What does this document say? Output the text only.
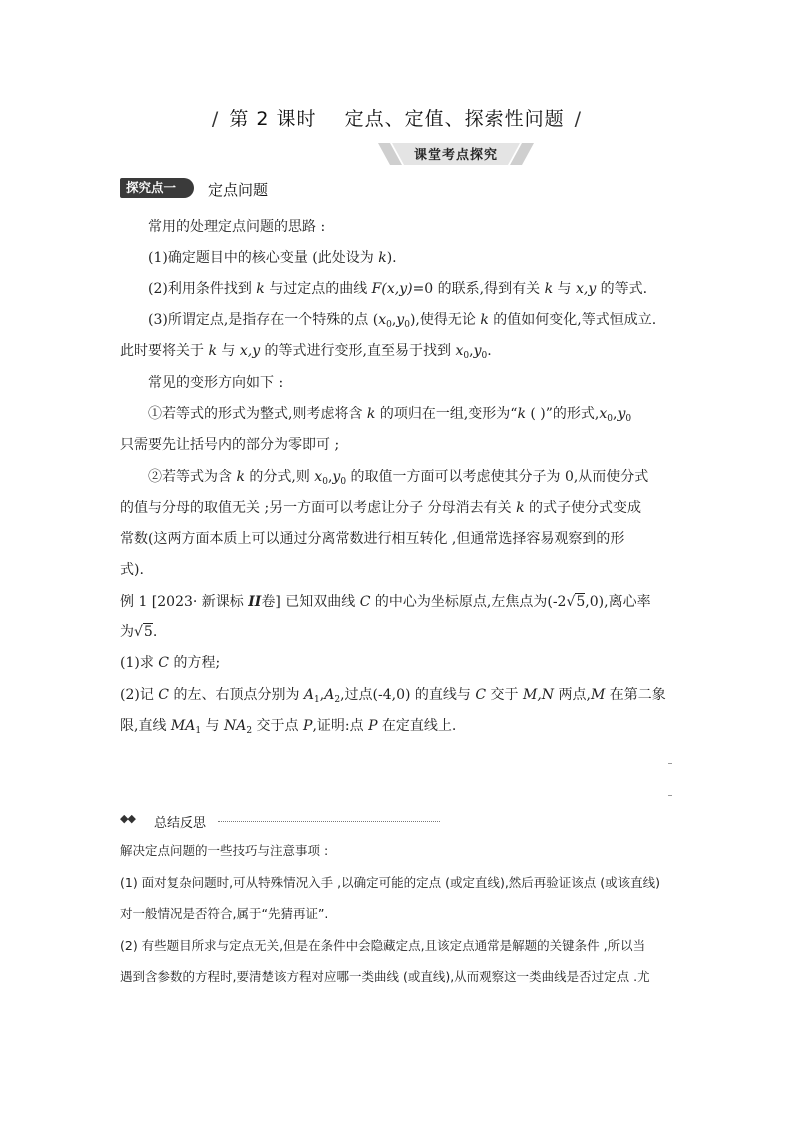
/ 第 2 课时 定点、定值、探索性问题 /
课堂考点探究
探究点一	定点问题
常用的处理定点问题的思路 :
(1)确定题目中的核心变量 (此处设为 k).
(2)利用条件找到 k 与过定点的曲线 F(x,y)=0 的联系,得到有关 k 与 x,y 的等式.
(3)所谓定点,是指存在一个特殊的点 $(x_0,y_0)$,使得无论 k 的值如何变化,等式恒成立.
此时要将关于 k 与 x,y 的等式进行变形,直至易于找到 $x_0,y_0$.
常见的变形方向如下 :
①若等式的形式为整式,则考虑将含 k 的项归在一组,变形为“k ( )”的形式$,x_0,y_0$
只需要先让括号内的部分为零即可 ;
②若等式为含 k 的分式,则 $x_0,y_0$ 的取值一方面可以考虑使其分子为 0,从而使分式
的值与分母的取值无关 ;另一方面可以考虑让分子 分母消去有关 k 的式子使分式变成
常数(这两方面本质上可以通过分离常数进行相互转化 ,但通常选择容易观察到的形
式).
例 1 [2023· 新课标 II卷] 已知双曲线 C 的中心为坐标原点,左焦点为(-2√5,0),离心率
为√5.
(1)求 C 的方程;
(2)记 C 的左、右顶点分别为 $A_1,A_2$,过点(-4,0) 的直线与 C 交于 M,N 两点,M 在第二象
限,直线 $MA_1$ 与 $NA_2$ 交于点 P,证明:点 P 在定直线上.
◆◆ 总结反思
解决定点问题的一些技巧与注意事项 :
(1) 面对复杂问题时,可从特殊情况入手 ,以确定可能的定点 (或定直线),然后再验证该点 (或该直线)
对一般情况是否符合,属于“先猜再证”.
(2) 有些题目所求与定点无关,但是在条件中会隐藏定点,且该定点通常是解题的关键条件 ,所以当
遇到含参数的方程时,要清楚该方程对应哪一类曲线 (或直线),从而观察这一类曲线是否过定点 .尤
